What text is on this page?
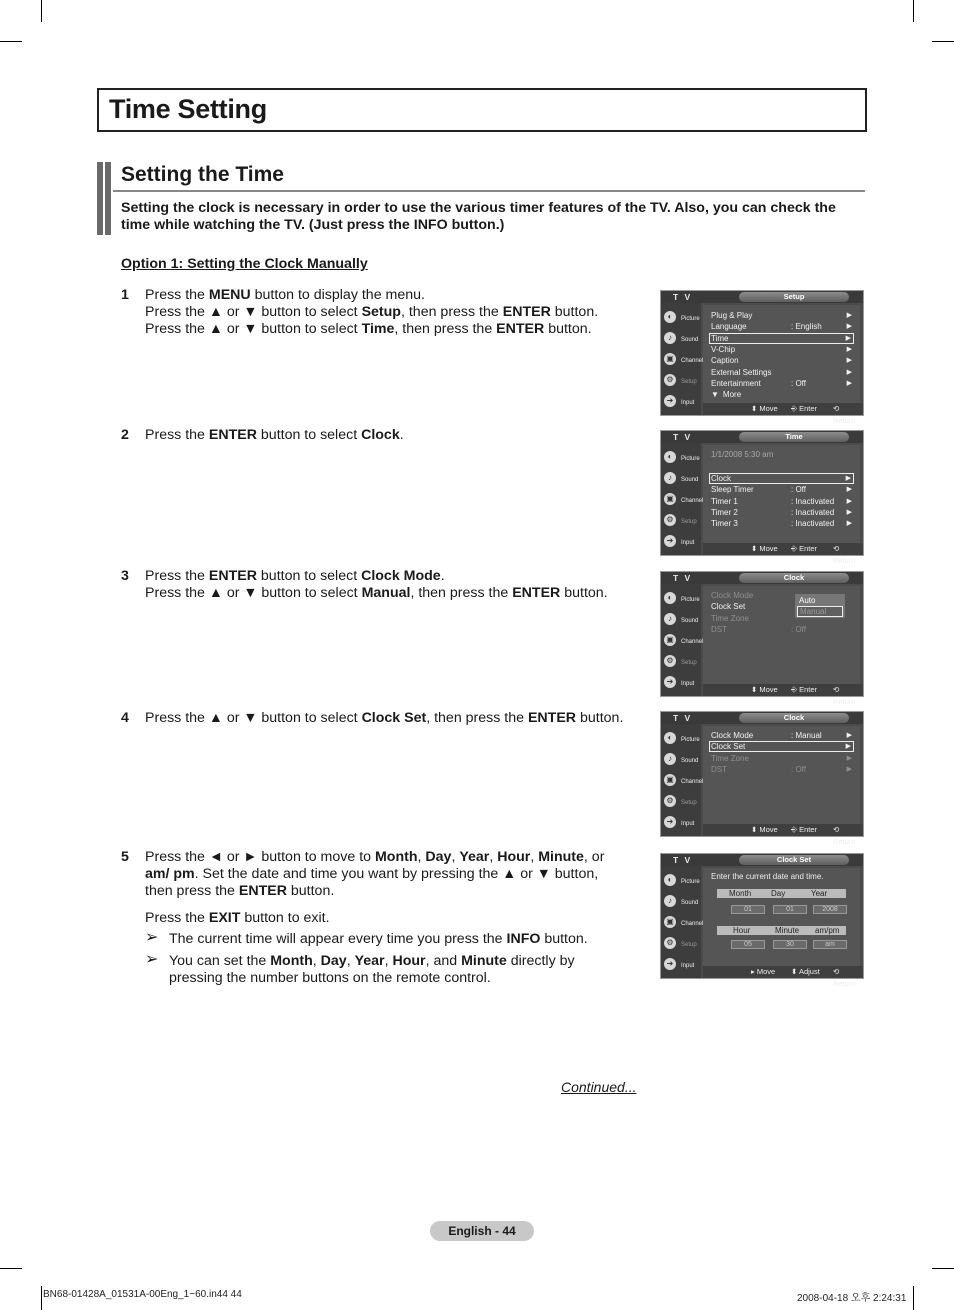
Time Setting
Setting the Time
Setting the clock is necessary in order to use the various timer features of the TV. Also, you can check the time while watching the TV. (Just press the INFO button.)
Option 1: Setting the Clock Manually
1 Press the MENU button to display the menu.
Press the ▲ or ▼ button to select Setup, then press the ENTER button.
Press the ▲ or ▼ button to select Time, then press the ENTER button.
2 Press the ENTER button to select Clock.
3 Press the ENTER button to select Clock Mode.
Press the ▲ or ▼ button to select Manual, then press the ENTER button.
4 Press the ▲ or ▼ button to select Clock Set, then press the ENTER button.
5 Press the ◄ or ► button to move to Month, Day, Year, Hour, Minute, or am/ pm. Set the date and time you want by pressing the ▲ or ▼ button, then press the ENTER button.
Press the EXIT button to exit.
➢ The current time will appear every time you press the INFO button.
➢ You can set the Month, Day, Year, Hour, and Minute directly by pressing the number buttons on the remote control.
Continued...
English - 44
BN68-01428A_01531A-00Eng_1~60.in44 44	2008-04-18 오후 2:24:31
T V	Setup
◐	Picture
♪	Sound
▣	Channel
⚙	Setup
➔	Input
Plug & Play	▶
Language	: English	▶
Time	▶
V-Chip	▶
Caption	▶
External Settings	▶
Entertainment	: Off	▶
▼ More
⬍ Move ⎆ Enter ⟲ Return
T V	Time
◐	Picture
♪	Sound
▣	Channel
⚙	Setup
➔	Input
1/1/2008 5:30 am
Clock	▶
Sleep Timer	: Off	▶
Timer 1	: Inactivated ▶
Timer 2	: Inactivated ▶
Timer 3	: Inactivated ▶
⬍ Move ⎆ Enter ⟲ Return
T V	Clock
◐	Picture
♪	Sound
▣	Channel
⚙	Setup
➔	Input
Clock Mode
Clock Set
Time Zone
DST	: Off
Auto
Manual
⬍ Move ⎆ Enter ⟲ Return
T V	Clock
◐	Picture
♪	Sound
▣	Channel
⚙	Setup
➔	Input
Clock Mode	: Manual	▶
Clock Set	▶
Time Zone	▶
DST	: Off	▶
⬍ Move ⎆ Enter ⟲ Return
T V	Clock Set
◐	Picture
♪	Sound
▣	Channel
⚙	Setup
➔	Input
Enter the current date and time.
Month Day	Year
01	01	2008
Hour	Minute am/pm
05	30	am
▸ Move ⬍ Adjust ⟲ Return
